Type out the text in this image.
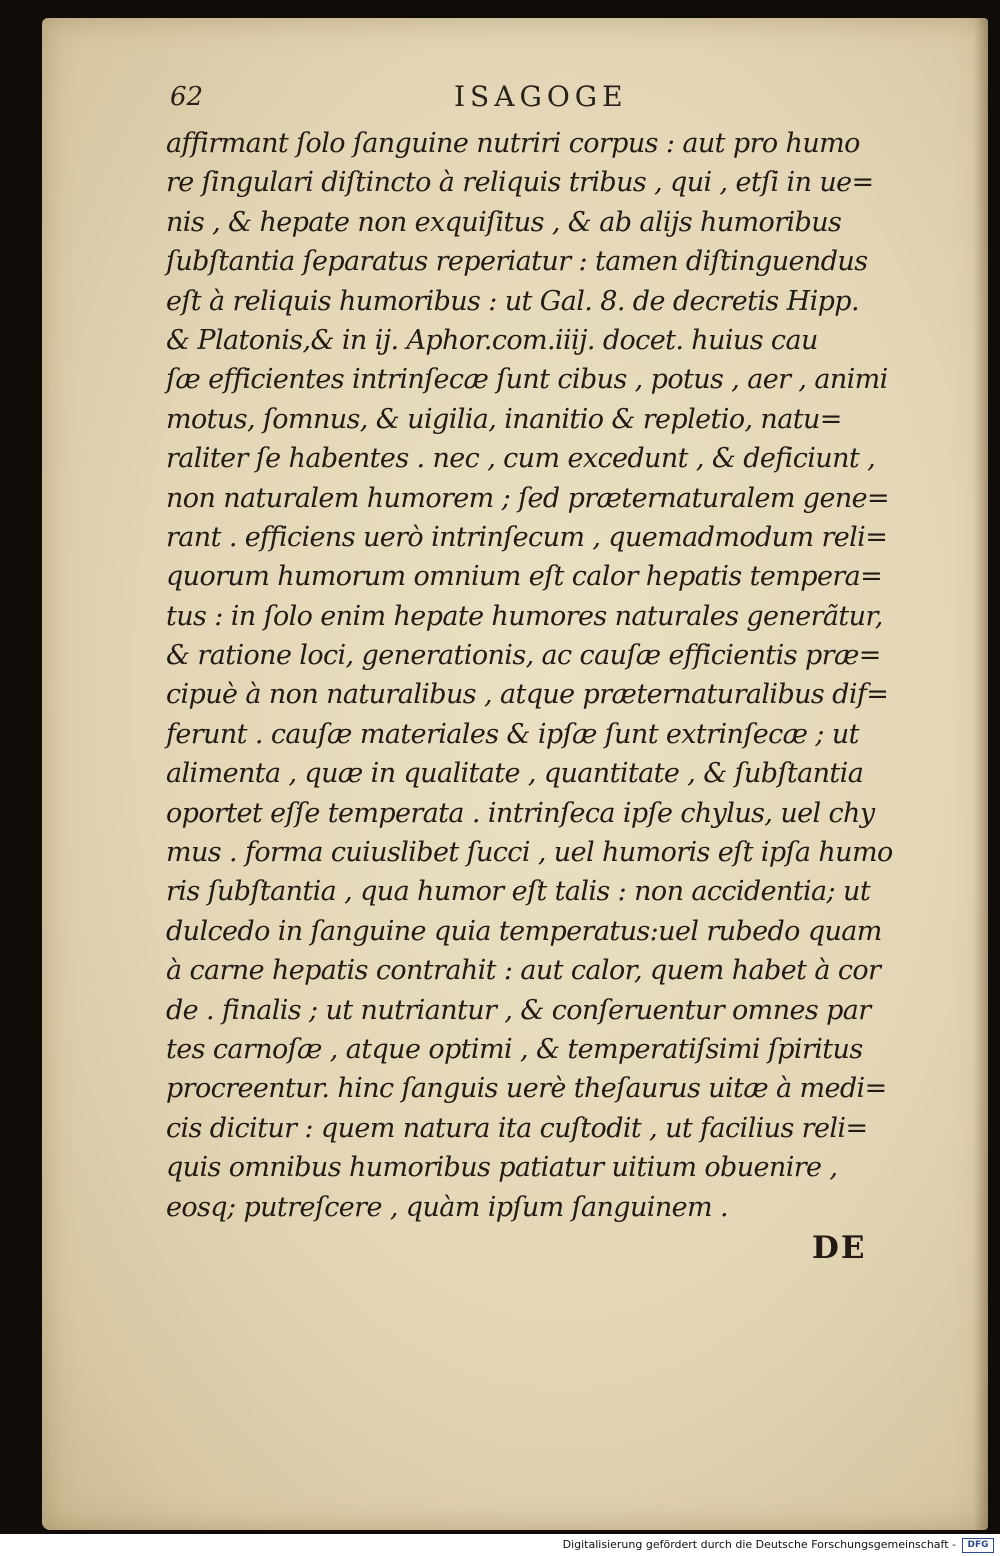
62	ISAGOGE
affirmant ſolo ſanguine nutriri corpus : aut pro humo
re ſingulari diſtincto à reliquis tribus , qui , etſi in ue=
nis , & hepate non exquiſitus , & ab alijs humoribus
ſubſtantia ſeparatus reperiatur : tamen diſtinguendus
eſt à reliquis humoribus : ut Gal. 8. de decretis Hipp.
& Platonis,& in ij. Aphor.com.iiij. docet. huius cau
ſæ efficientes intrinſecæ ſunt cibus , potus , aer , animi
motus, ſomnus, & uigilia, inanitio & repletio, natu=
raliter ſe habentes . nec , cum excedunt , & deficiunt ,
non naturalem humorem ; ſed præternaturalem gene=
rant . efficiens uerò intrinſecum , quemadmodum reli=
quorum humorum omnium eſt calor hepatis tempera=
tus : in ſolo enim hepate humores naturales generãtur,
& ratione loci, generationis, ac cauſæ efficientis præ=
cipuè à non naturalibus , atque præternaturalibus dif=
ferunt . cauſæ materiales & ipſæ ſunt extrinſecæ ; ut
alimenta , quæ in qualitate , quantitate , & ſubſtantia
oportet eſſe temperata . intrinſeca ipſe chylus, uel chy
mus . forma cuiuslibet ſucci , uel humoris eſt ipſa humo
ris ſubſtantia , qua humor eſt talis : non accidentia; ut
dulcedo in ſanguine quia temperatus:uel rubedo quam
à carne hepatis contrahit : aut calor, quem habet à cor
de . finalis ; ut nutriantur , & conſeruentur omnes par
tes carnoſæ , atque optimi , & temperatiſsimi ſpiritus
procreentur. hinc ſanguis uerè theſaurus uitæ à medi=
cis dicitur : quem natura ita cuſtodit , ut facilius reli=
quis omnibus humoribus patiatur uitium obuenire ,
eosq; putreſcere , quàm ipſum ſanguinem .
DE
Digitalisierung gefördert durch die Deutsche Forschungsgemeinschaft -	DFG
